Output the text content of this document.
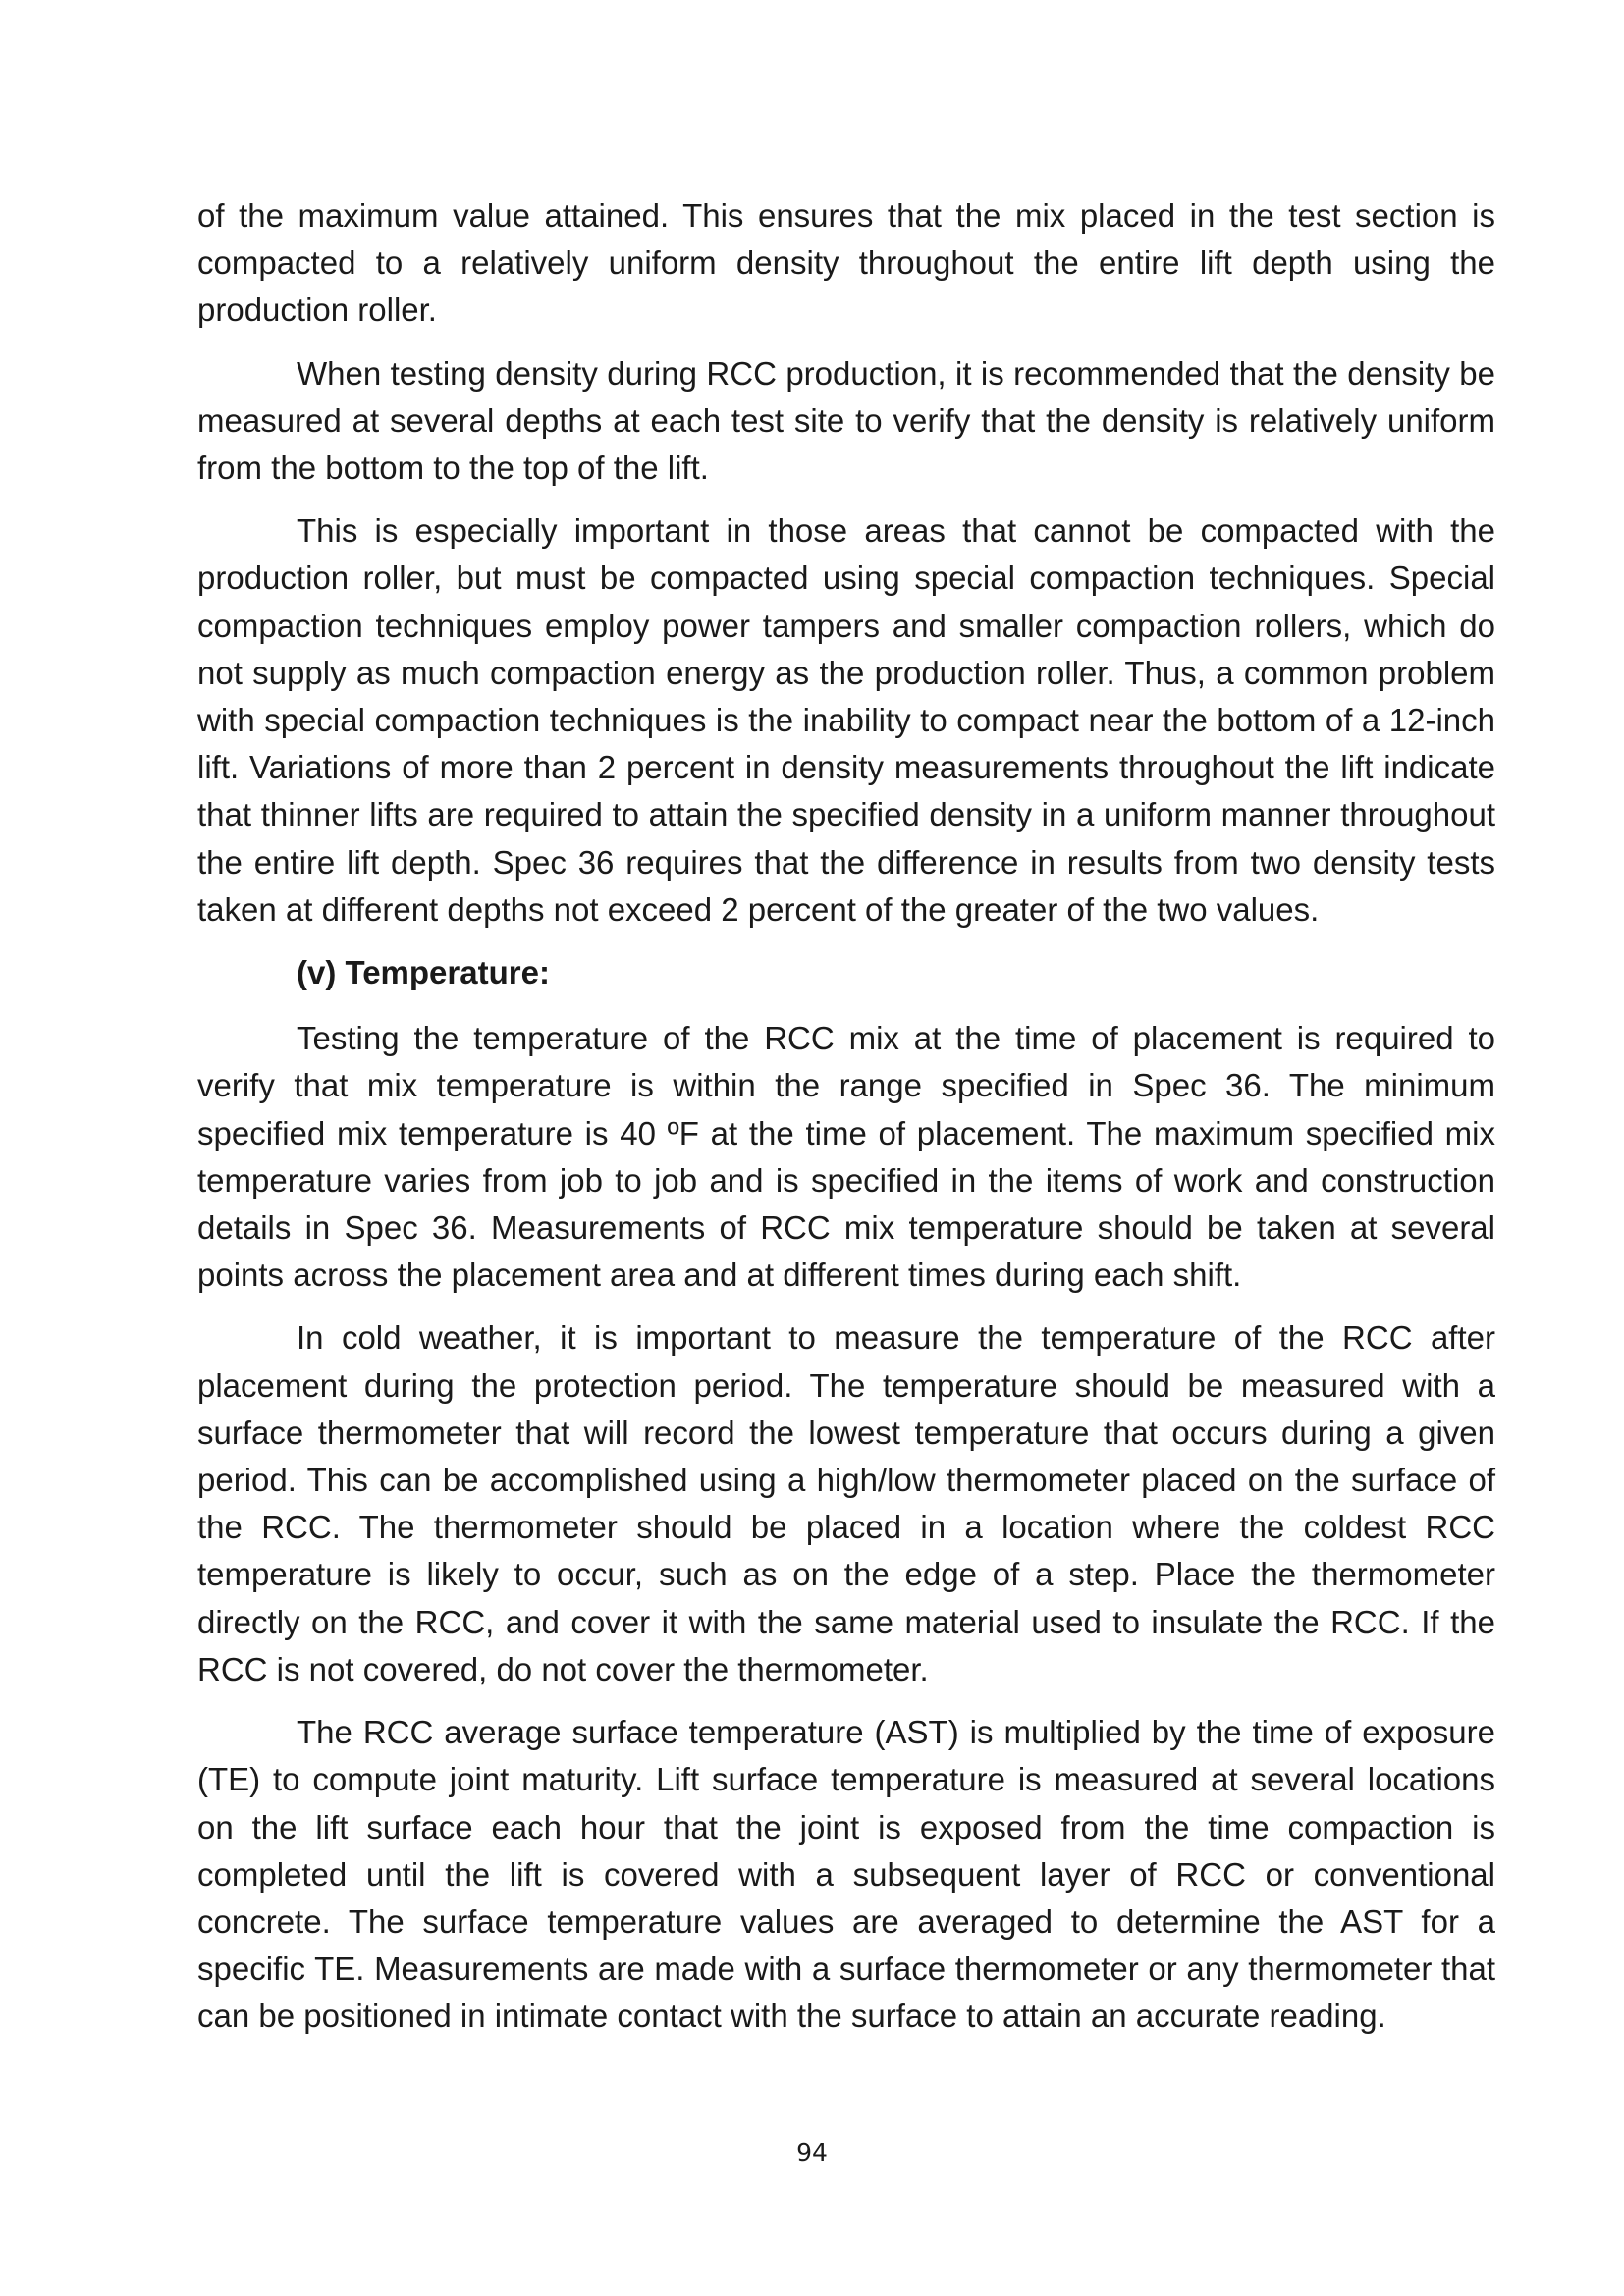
of the maximum value attained. This ensures that the mix placed in the test section is compacted to a relatively uniform density throughout the entire lift depth using the production roller.

When testing density during RCC production, it is recommended that the density be measured at several depths at each test site to verify that the density is relatively uniform from the bottom to the top of the lift.

This is especially important in those areas that cannot be compacted with the production roller, but must be compacted using special compaction techniques. Special compaction techniques employ power tampers and smaller compaction rollers, which do not supply as much compaction energy as the production roller. Thus, a common problem with special compaction techniques is the inability to compact near the bottom of a 12-inch lift. Variations of more than 2 percent in density measurements throughout the lift indicate that thinner lifts are required to attain the specified density in a uniform manner throughout the entire lift depth. Spec 36 requires that the difference in results from two density tests taken at different depths not exceed 2 percent of the greater of the two values.

(v) Temperature:

Testing the temperature of the RCC mix at the time of placement is required to verify that mix temperature is within the range specified in Spec 36. The minimum specified mix temperature is 40 ºF at the time of placement. The maximum specified mix temperature varies from job to job and is specified in the items of work and construction details in Spec 36. Measurements of RCC mix temperature should be taken at several points across the placement area and at different times during each shift.

In cold weather, it is important to measure the temperature of the RCC after placement during the protection period. The temperature should be measured with a surface thermometer that will record the lowest temperature that occurs during a given period. This can be accomplished using a high/low thermometer placed on the surface of the RCC. The thermometer should be placed in a location where the coldest RCC temperature is likely to occur, such as on the edge of a step. Place the thermometer directly on the RCC, and cover it with the same material used to insulate the RCC. If the RCC is not covered, do not cover the thermometer.

The RCC average surface temperature (AST) is multiplied by the time of exposure (TE) to compute joint maturity. Lift surface temperature is measured at several locations on the lift surface each hour that the joint is exposed from the time compaction is completed until the lift is covered with a subsequent layer of RCC or conventional concrete. The surface temperature values are averaged to determine the AST for a specific TE. Measurements are made with a surface thermometer or any thermometer that can be positioned in intimate contact with the surface to attain an accurate reading.

94
